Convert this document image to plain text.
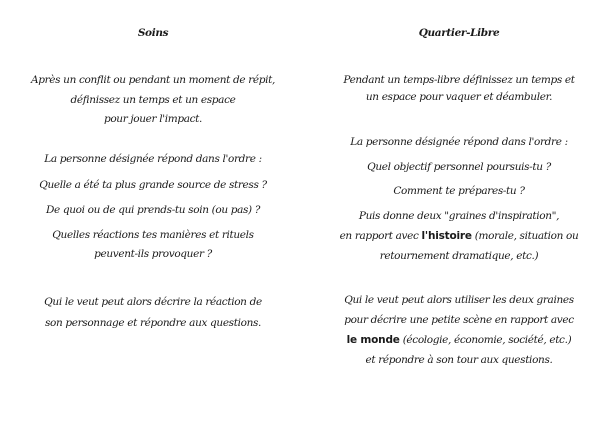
Soins
Après un conflit ou pendant un moment de répit,
définissez un temps et un espace
pour jouer l'impact.
La personne désignée répond dans l'ordre :
Quelle a été ta plus grande source de stress ?
De quoi ou de qui prends-tu soin (ou pas) ?
Quelles réactions tes manières et rituels
peuvent-ils provoquer ?
Qui le veut peut alors décrire la réaction de
son personnage et répondre aux questions.
Quartier-Libre
Pendant un temps-libre définissez un temps et
un espace pour vaquer et déambuler.
La personne désignée répond dans l'ordre :
Quel objectif personnel poursuis-tu ?
Comment te prépares-tu ?
Puis donne deux "graines d'inspiration",
en rapport avec l'histoire (morale, situation ou
retournement dramatique, etc.)
Qui le veut peut alors utiliser les deux graines
pour décrire une petite scène en rapport avec
le monde (écologie, économie, société, etc.)
et répondre à son tour aux questions.
